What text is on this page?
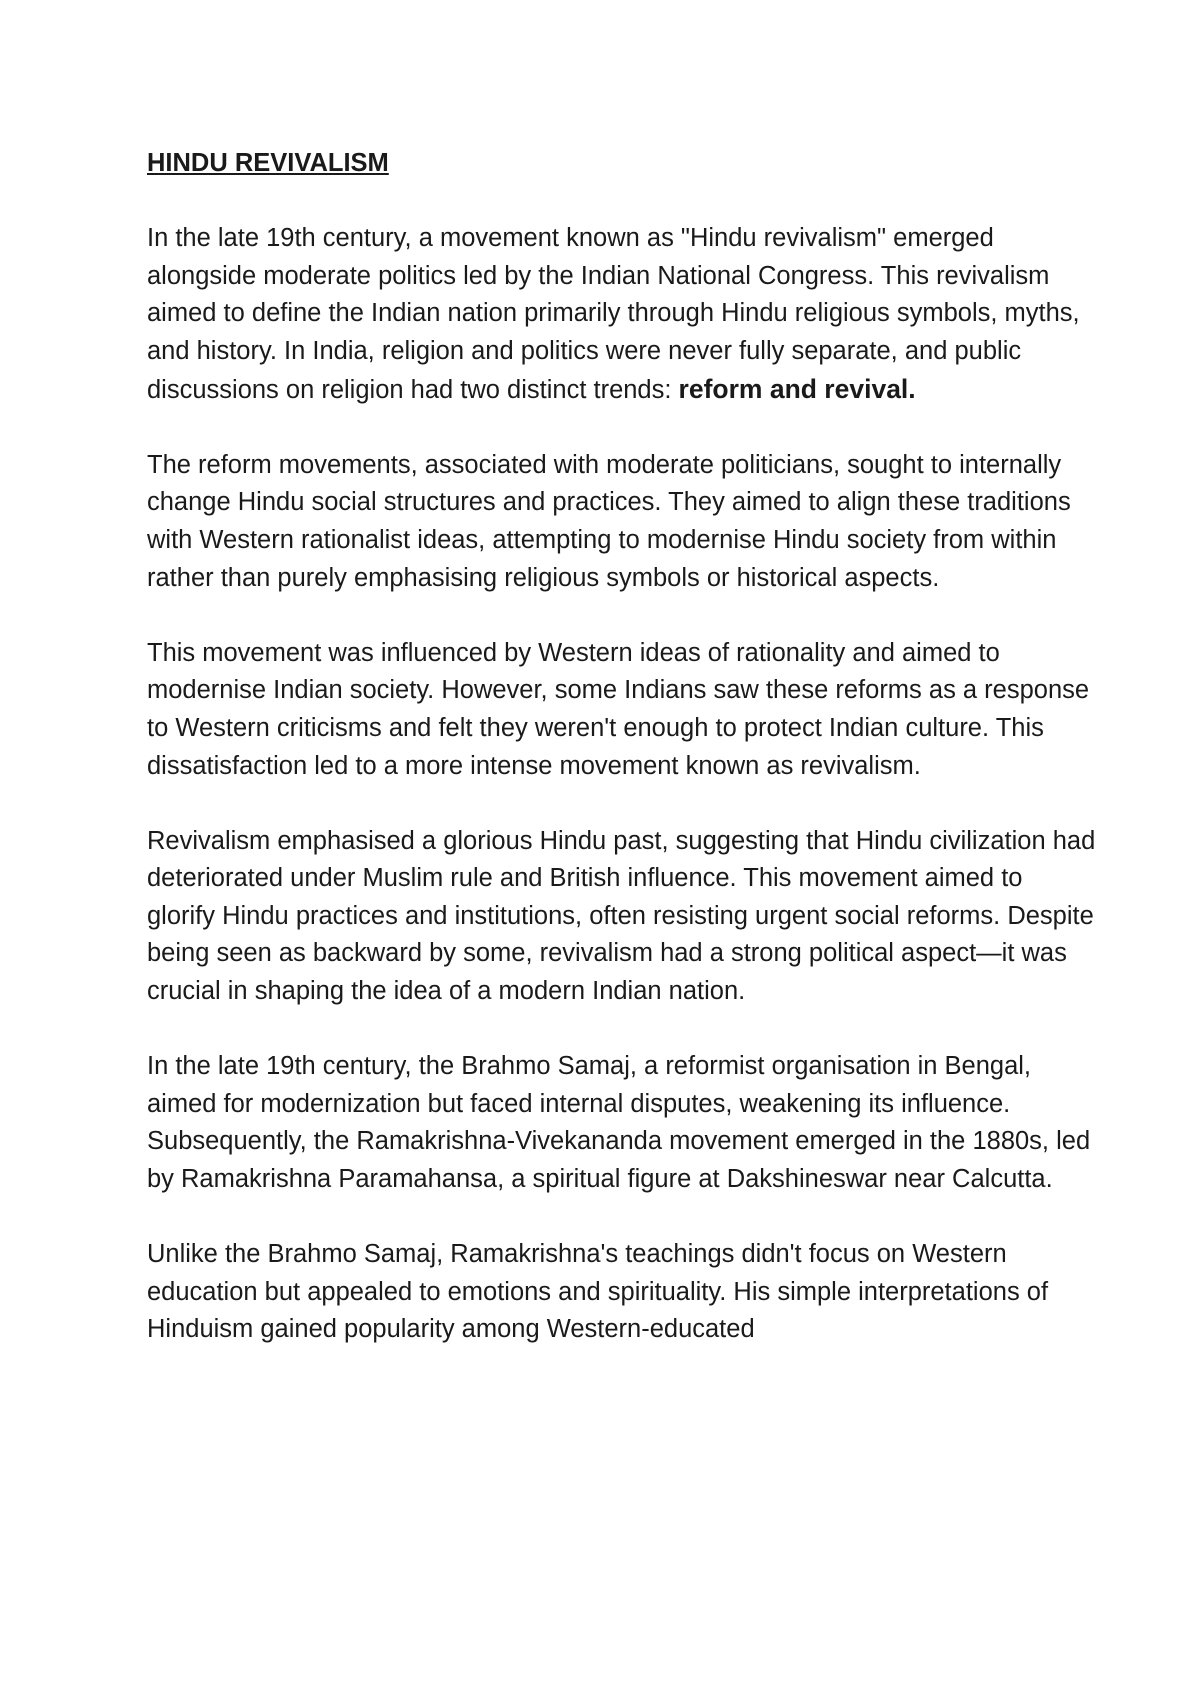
HINDU REVIVALISM

In the late 19th century, a movement known as "Hindu revivalism" emerged alongside moderate politics led by the Indian National Congress. This revivalism aimed to define the Indian nation primarily through Hindu religious symbols, myths, and history. In India, religion and politics were never fully separate, and public discussions on religion had two distinct trends: reform and revival.

The reform movements, associated with moderate politicians, sought to internally change Hindu social structures and practices. They aimed to align these traditions with Western rationalist ideas, attempting to modernise Hindu society from within rather than purely emphasising religious symbols or historical aspects.

This movement was influenced by Western ideas of rationality and aimed to modernise Indian society. However, some Indians saw these reforms as a response to Western criticisms and felt they weren't enough to protect Indian culture. This dissatisfaction led to a more intense movement known as revivalism.

Revivalism emphasised a glorious Hindu past, suggesting that Hindu civilization had deteriorated under Muslim rule and British influence. This movement aimed to glorify Hindu practices and institutions, often resisting urgent social reforms. Despite being seen as backward by some, revivalism had a strong political aspect—it was crucial in shaping the idea of a modern Indian nation.

In the late 19th century, the Brahmo Samaj, a reformist organisation in Bengal, aimed for modernization but faced internal disputes, weakening its influence. Subsequently, the Ramakrishna-Vivekananda movement emerged in the 1880s, led by Ramakrishna Paramahansa, a spiritual figure at Dakshineswar near Calcutta.

Unlike the Brahmo Samaj, Ramakrishna's teachings didn't focus on Western education but appealed to emotions and spirituality. His simple interpretations of Hinduism gained popularity among Western-educated
